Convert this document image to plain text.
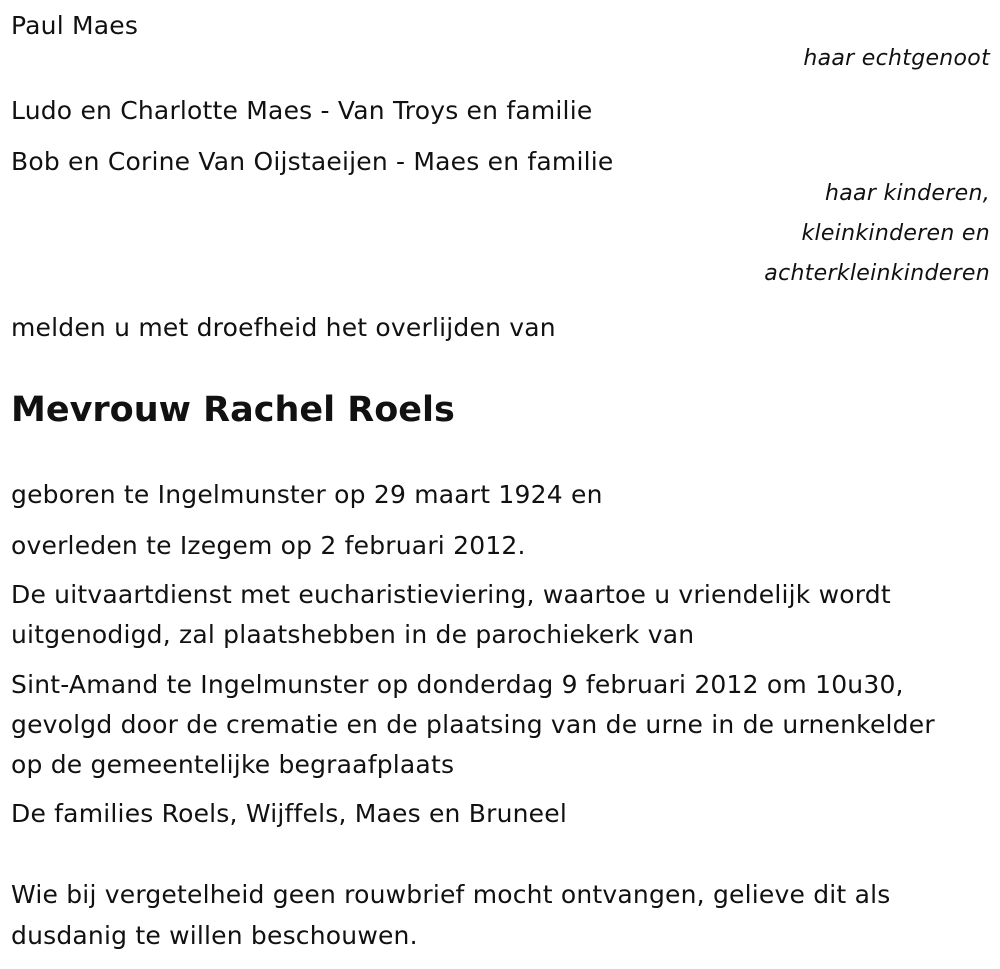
Paul Maes
haar echtgenoot
Ludo en Charlotte Maes - Van Troys en familie
Bob en Corine Van Oijstaeijen - Maes en familie
haar kinderen,
kleinkinderen en
achterkleinkinderen
melden u met droefheid het overlijden van
Mevrouw Rachel Roels
geboren te Ingelmunster op 29 maart 1924 en
overleden te Izegem op 2 februari 2012.
De uitvaartdienst met eucharistieviering, waartoe u vriendelijk wordt
uitgenodigd, zal plaatshebben in de parochiekerk van
Sint-Amand te Ingelmunster op donderdag 9 februari 2012 om 10u30,
gevolgd door de crematie en de plaatsing van de urne in de urnenkelder
op de gemeentelijke begraafplaats
De families Roels, Wijffels, Maes en Bruneel
Wie bij vergetelheid geen rouwbrief mocht ontvangen, gelieve dit als
dusdanig te willen beschouwen.
